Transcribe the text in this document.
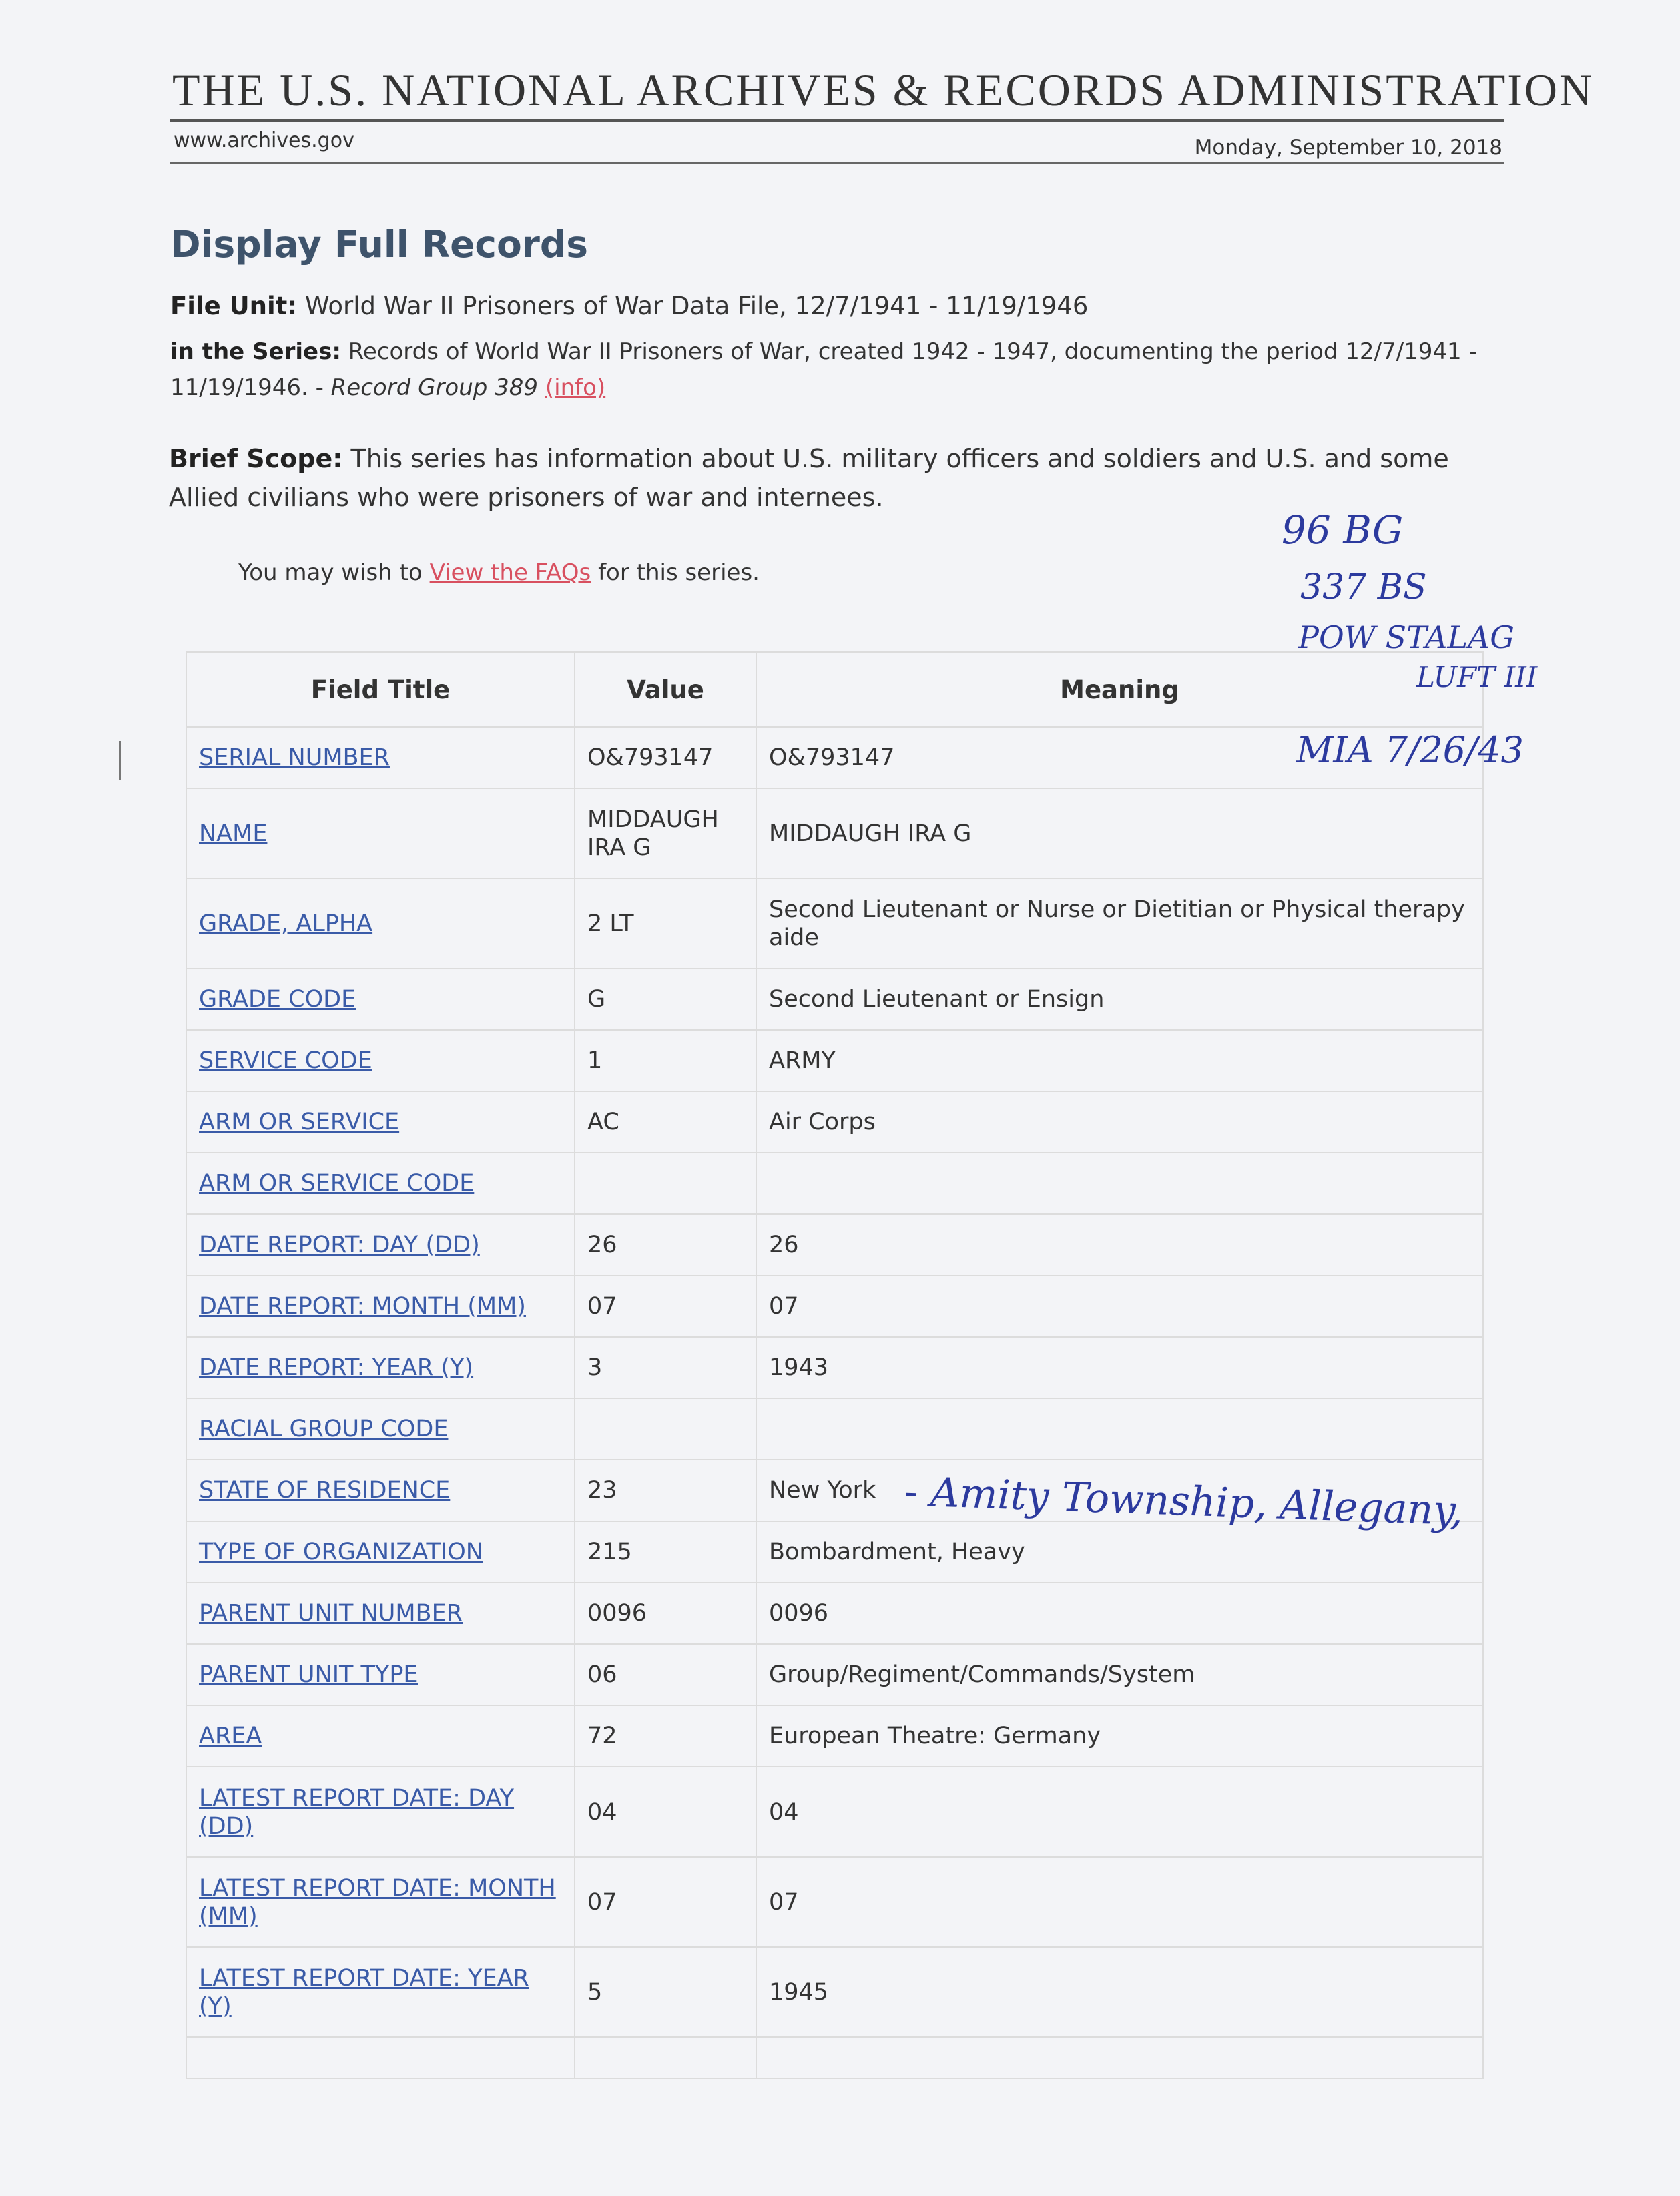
THE U.S. NATIONAL ARCHIVES & RECORDS ADMINISTRATION
www.archives.gov	Monday, September 10, 2018
Display Full Records
File Unit: World War II Prisoners of War Data File, 12/7/1941 - 11/19/1946
in the Series: Records of World War II Prisoners of War, created 1942 - 1947, documenting the period 12/7/1941 - 11/19/1946. - Record Group 389 (info)
Brief Scope: This series has information about U.S. military officers and soldiers and U.S. and some Allied civilians who were prisoners of war and internees.
You may wish to View the FAQs for this series.
Field Title	Value	Meaning
SERIAL NUMBER	O&793147	O&793147
NAME	MIDDAUGH IRA G	MIDDAUGH IRA G
GRADE, ALPHA	2 LT	Second Lieutenant or Nurse or Dietitian or Physical therapy aide
GRADE CODE	G	Second Lieutenant or Ensign
SERVICE CODE	1	ARMY
ARM OR SERVICE	AC	Air Corps
ARM OR SERVICE CODE		
DATE REPORT: DAY (DD)	26	26
DATE REPORT: MONTH (MM)	07	07
DATE REPORT: YEAR (Y)	3	1943
RACIAL GROUP CODE		
STATE OF RESIDENCE	23	New York
TYPE OF ORGANIZATION	215	Bombardment, Heavy
PARENT UNIT NUMBER	0096	0096
PARENT UNIT TYPE	06	Group/Regiment/Commands/System
AREA	72	European Theatre: Germany
LATEST REPORT DATE: DAY (DD)	04	04
LATEST REPORT DATE: MONTH (MM)	07	07
LATEST REPORT DATE: YEAR (Y)	5	1945

96 BG
337 BS
POW STALAG
LUFT III
MIA 7/26/43
- Amity Township, Allegany,
